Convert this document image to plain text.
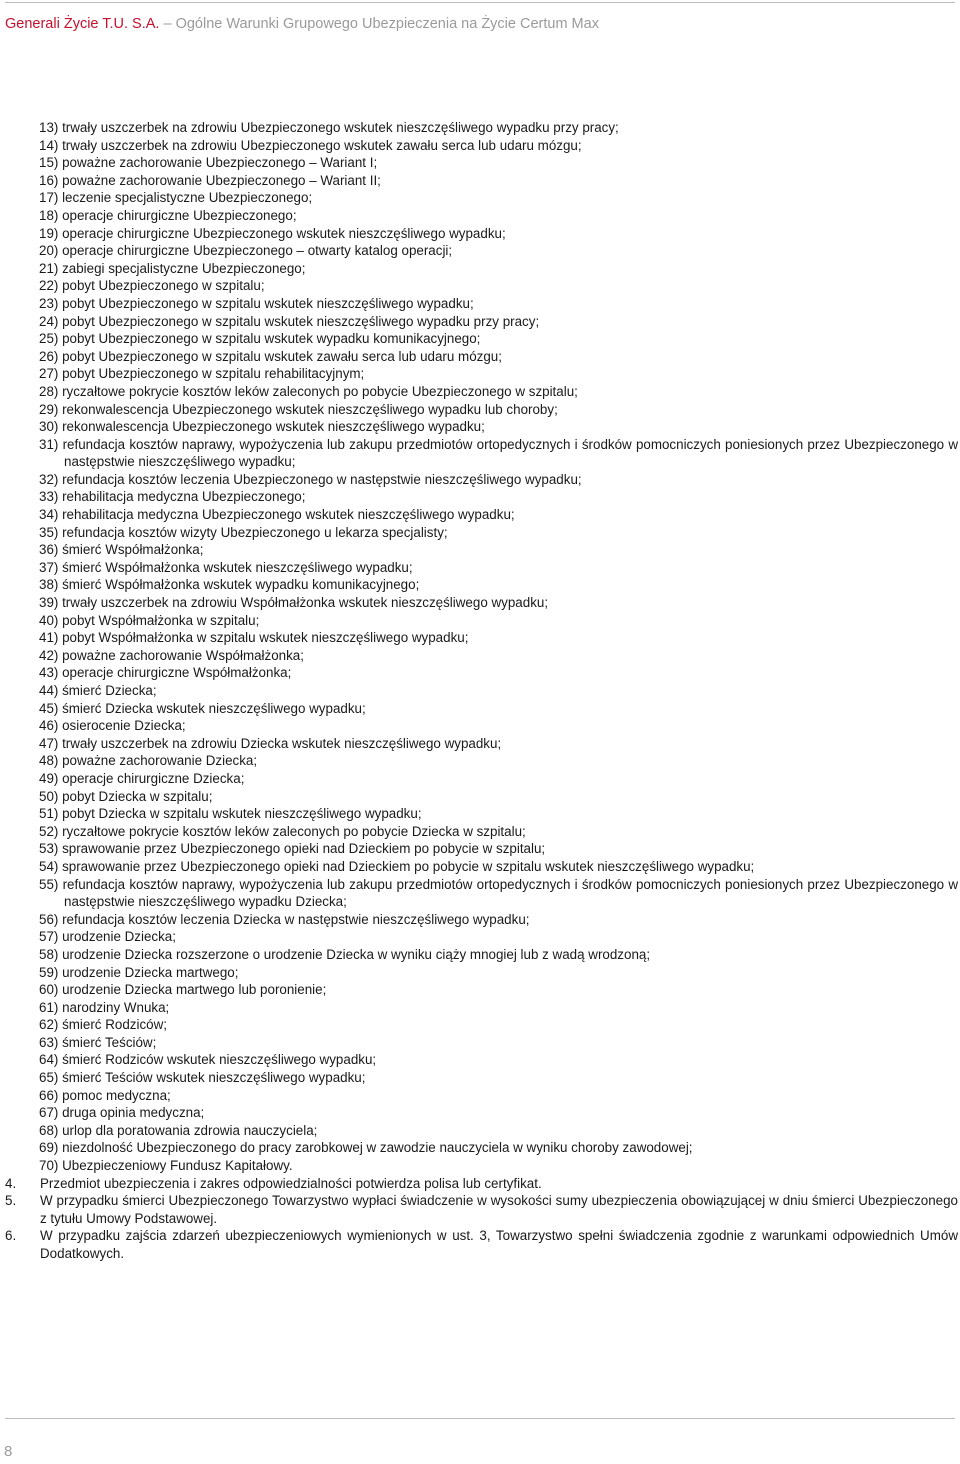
Generali Życie T.U. S.A. – Ogólne Warunki Grupowego Ubezpieczenia na Życie Certum Max

13) trwały uszczerbek na zdrowiu Ubezpieczonego wskutek nieszczęśliwego wypadku przy pracy;

14) trwały uszczerbek na zdrowiu Ubezpieczonego wskutek zawału serca lub udaru mózgu;

15) poważne zachorowanie Ubezpieczonego – Wariant I;

16) poważne zachorowanie Ubezpieczonego – Wariant II;

17) leczenie specjalistyczne Ubezpieczonego;

18) operacje chirurgiczne Ubezpieczonego;

19) operacje chirurgiczne Ubezpieczonego wskutek nieszczęśliwego wypadku;

20) operacje chirurgiczne Ubezpieczonego – otwarty katalog operacji;

21) zabiegi specjalistyczne Ubezpieczonego;

22) pobyt Ubezpieczonego w szpitalu;

23) pobyt Ubezpieczonego w szpitalu wskutek nieszczęśliwego wypadku;

24) pobyt Ubezpieczonego w szpitalu wskutek nieszczęśliwego wypadku przy pracy;

25) pobyt Ubezpieczonego w szpitalu wskutek wypadku komunikacyjnego;

26) pobyt Ubezpieczonego w szpitalu wskutek zawału serca lub udaru mózgu;

27) pobyt Ubezpieczonego w szpitalu rehabilitacyjnym;

28) ryczałtowe pokrycie kosztów leków zaleconych po pobycie Ubezpieczonego w szpitalu;

29) rekonwalescencja Ubezpieczonego wskutek nieszczęśliwego wypadku lub choroby;

30) rekonwalescencja Ubezpieczonego wskutek nieszczęśliwego wypadku;

31) refundacja kosztów naprawy, wypożyczenia lub zakupu przedmiotów ortopedycznych i środków pomocniczych poniesionych przez Ubezpieczonego w następstwie nieszczęśliwego wypadku;

32) refundacja kosztów leczenia Ubezpieczonego w następstwie nieszczęśliwego wypadku;

33) rehabilitacja medyczna Ubezpieczonego;

34) rehabilitacja medyczna Ubezpieczonego wskutek nieszczęśliwego wypadku;

35) refundacja kosztów wizyty Ubezpieczonego u lekarza specjalisty;

36) śmierć Współmałżonka;

37) śmierć Współmałżonka wskutek nieszczęśliwego wypadku;

38) śmierć Współmałżonka wskutek wypadku komunikacyjnego;

39) trwały uszczerbek na zdrowiu Współmałżonka wskutek nieszczęśliwego wypadku;

40) pobyt Współmałżonka w szpitalu;

41) pobyt Współmałżonka w szpitalu wskutek nieszczęśliwego wypadku;

42) poważne zachorowanie Współmałżonka;

43) operacje chirurgiczne Współmałżonka;

44) śmierć Dziecka;

45) śmierć Dziecka wskutek nieszczęśliwego wypadku;

46) osierocenie Dziecka;

47) trwały uszczerbek na zdrowiu Dziecka wskutek nieszczęśliwego wypadku;

48) poważne zachorowanie Dziecka;

49) operacje chirurgiczne Dziecka;

50) pobyt Dziecka w szpitalu;

51) pobyt Dziecka w szpitalu wskutek nieszczęśliwego wypadku;

52) ryczałtowe pokrycie kosztów leków zaleconych po pobycie Dziecka w szpitalu;

53) sprawowanie przez Ubezpieczonego opieki nad Dzieckiem po pobycie w szpitalu;

54) sprawowanie przez Ubezpieczonego opieki nad Dzieckiem po pobycie w szpitalu wskutek nieszczęśliwego wypadku;

55) refundacja kosztów naprawy, wypożyczenia lub zakupu przedmiotów ortopedycznych i środków pomocniczych poniesionych przez Ubezpieczonego w następstwie nieszczęśliwego wypadku Dziecka;

56) refundacja kosztów leczenia Dziecka w następstwie nieszczęśliwego wypadku;

57) urodzenie Dziecka;

58) urodzenie Dziecka rozszerzone o urodzenie Dziecka w wyniku ciąży mnogiej lub z wadą wrodzoną;

59) urodzenie Dziecka martwego;

60) urodzenie Dziecka martwego lub poronienie;

61) narodziny Wnuka;

62) śmierć Rodziców;

63) śmierć Teściów;

64) śmierć Rodziców wskutek nieszczęśliwego wypadku;

65) śmierć Teściów wskutek nieszczęśliwego wypadku;

66) pomoc medyczna;

67) druga opinia medyczna;

68) urlop dla poratowania zdrowia nauczyciela;

69) niezdolność Ubezpieczonego do pracy zarobkowej w zawodzie nauczyciela w wyniku choroby zawodowej;

70) Ubezpieczeniowy Fundusz Kapitałowy.

4. Przedmiot ubezpieczenia i zakres odpowiedzialności potwierdza polisa lub certyfikat.
5. W przypadku śmierci Ubezpieczonego Towarzystwo wypłaci świadczenie w wysokości sumy ubezpieczenia obowiązującej w dniu śmierci Ubezpieczonego z tytułu Umowy Podstawowej.
6. W przypadku zajścia zdarzeń ubezpieczeniowych wymienionych w ust. 3, Towarzystwo spełni świadczenia zgodnie z warunkami odpowiednich Umów Dodatkowych.
8
